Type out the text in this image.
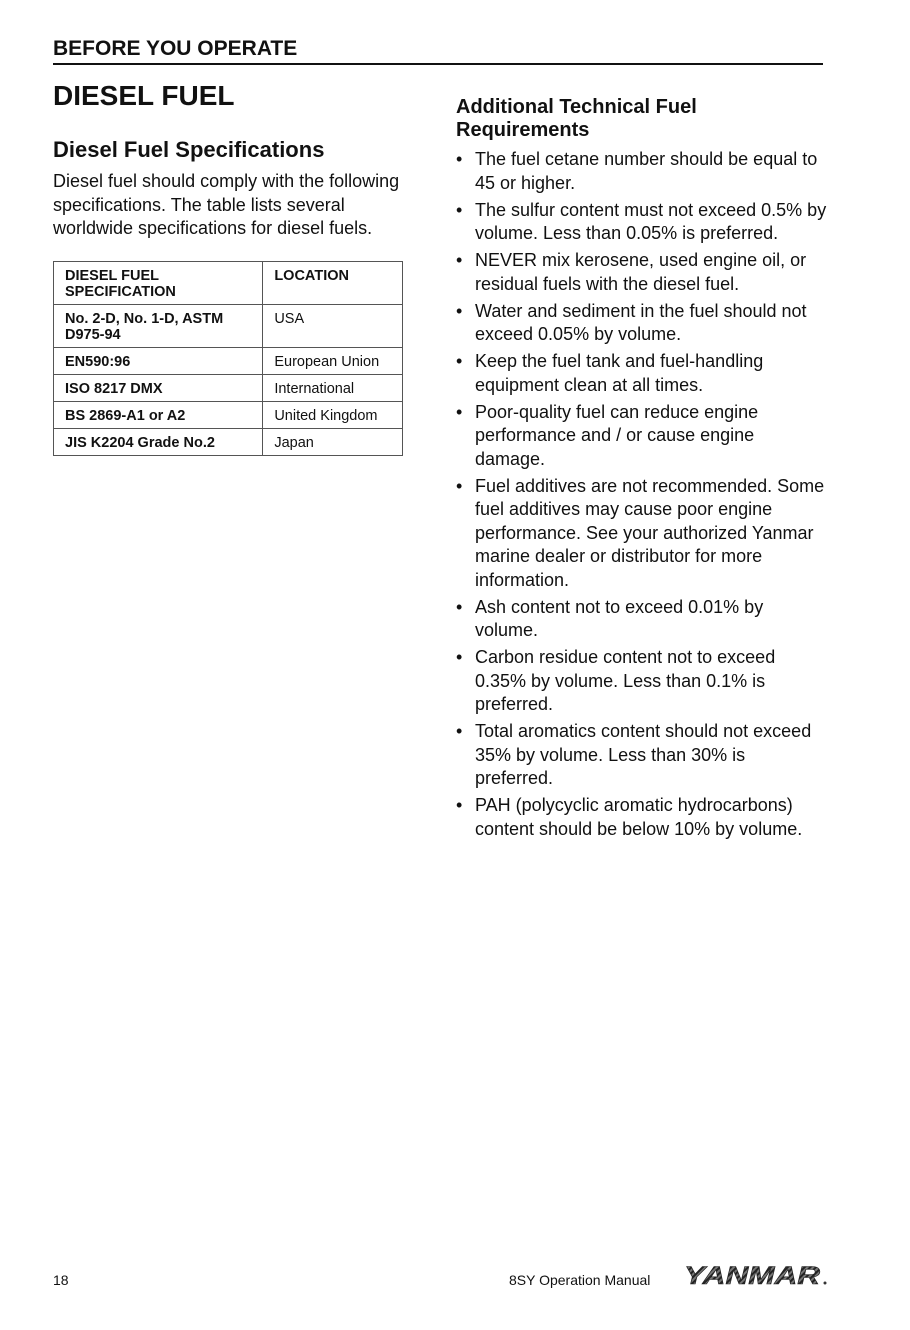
BEFORE YOU OPERATE
DIESEL FUEL
Diesel Fuel Specifications

Diesel fuel should comply with the following specifications. The table lists several worldwide specifications for diesel fuels.

DIESEL FUEL SPECIFICATION	LOCATION
No. 2-D, No. 1-D, ASTM D975-94	USA
EN590:96	European Union
ISO 8217 DMX	International
BS 2869-A1 or A2	United Kingdom
JIS K2204 Grade No.2	Japan
Additional Technical Fuel Requirements
• The fuel cetane number should be equal to 45 or higher.
• The sulfur content must not exceed 0.5% by volume. Less than 0.05% is preferred.
• NEVER mix kerosene, used engine oil, or residual fuels with the diesel fuel.
• Water and sediment in the fuel should not exceed 0.05% by volume.
• Keep the fuel tank and fuel-handling equipment clean at all times.
• Poor-quality fuel can reduce engine performance and / or cause engine damage.
• Fuel additives are not recommended. Some fuel additives may cause poor engine performance. See your authorized Yanmar marine dealer or distributor for more information.
• Ash content not to exceed 0.01% by volume.
• Carbon residue content not to exceed 0.35% by volume. Less than 0.1% is preferred.
• Total aromatics content should not exceed 35% by volume. Less than 30% is preferred.
• PAH (polycyclic aromatic hydrocarbons) content should be below 10% by volume.
18	8SY Operation Manual YANMAR
